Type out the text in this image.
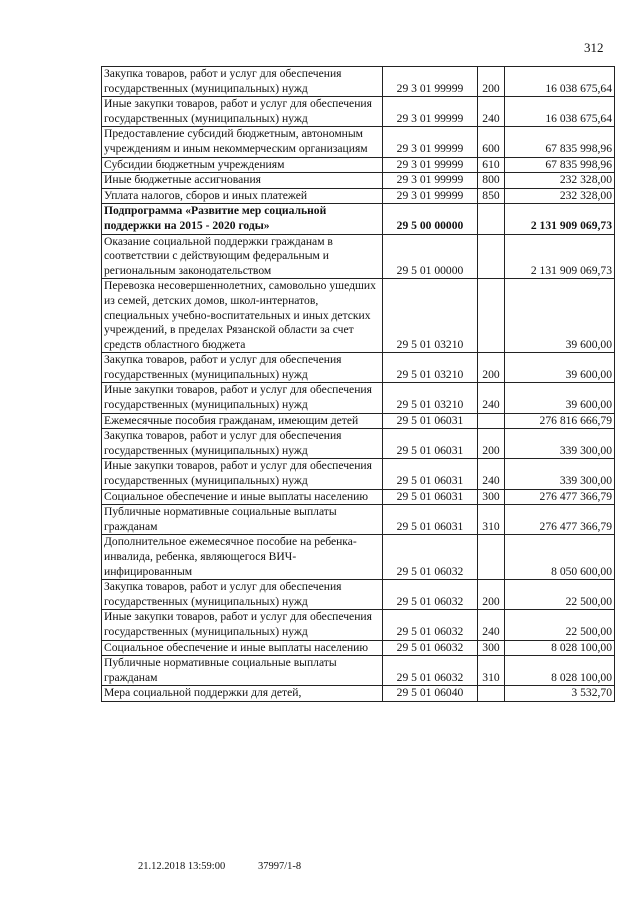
312
Закупка товаров, работ и услуг для обеспечения государственных (муниципальных) нужд	29 3 01 99999	200	16 038 675,64
Иные закупки товаров, работ и услуг для обеспечения государственных (муниципальных) нужд	29 3 01 99999	240	16 038 675,64
Предоставление субсидий бюджетным, автономным учреждениям и иным некоммерческим организациям	29 3 01 99999	600	67 835 998,96
Субсидии бюджетным учреждениям	29 3 01 99999	610	67 835 998,96
Иные бюджетные ассигнования	29 3 01 99999	800	232 328,00
Уплата налогов, сборов и иных платежей	29 3 01 99999	850	232 328,00
Подпрограмма «Развитие мер социальной поддержки на 2015 - 2020 годы»	29 5 00 00000		2 131 909 069,73
Оказание социальной поддержки гражданам в соответствии с действующим федеральным и региональным законодательством	29 5 01 00000		2 131 909 069,73
Перевозка несовершеннолетних, самовольно ушедших из семей, детских домов, школ-интернатов, специальных учебно-воспитательных и иных детских учреждений, в пределах Рязанской области за счет средств областного бюджета	29 5 01 03210		39 600,00
Закупка товаров, работ и услуг для обеспечения государственных (муниципальных) нужд	29 5 01 03210	200	39 600,00
Иные закупки товаров, работ и услуг для обеспечения государственных (муниципальных) нужд	29 5 01 03210	240	39 600,00
Ежемесячные пособия гражданам, имеющим детей	29 5 01 06031		276 816 666,79
Закупка товаров, работ и услуг для обеспечения государственных (муниципальных) нужд	29 5 01 06031	200	339 300,00
Иные закупки товаров, работ и услуг для обеспечения государственных (муниципальных) нужд	29 5 01 06031	240	339 300,00
Социальное обеспечение и иные выплаты населению	29 5 01 06031	300	276 477 366,79
Публичные нормативные социальные выплаты гражданам	29 5 01 06031	310	276 477 366,79
Дополнительное ежемесячное пособие на ребенка-инвалида, ребенка, являющегося ВИЧ-инфицированным	29 5 01 06032		8 050 600,00
Закупка товаров, работ и услуг для обеспечения государственных (муниципальных) нужд	29 5 01 06032	200	22 500,00
Иные закупки товаров, работ и услуг для обеспечения государственных (муниципальных) нужд	29 5 01 06032	240	22 500,00
Социальное обеспечение и иные выплаты населению	29 5 01 06032	300	8 028 100,00
Публичные нормативные социальные выплаты гражданам	29 5 01 06032	310	8 028 100,00
Мера социальной поддержки для детей,	29 5 01 06040		3 532,70
21.12.2018 13:59:00	37997/1-8
